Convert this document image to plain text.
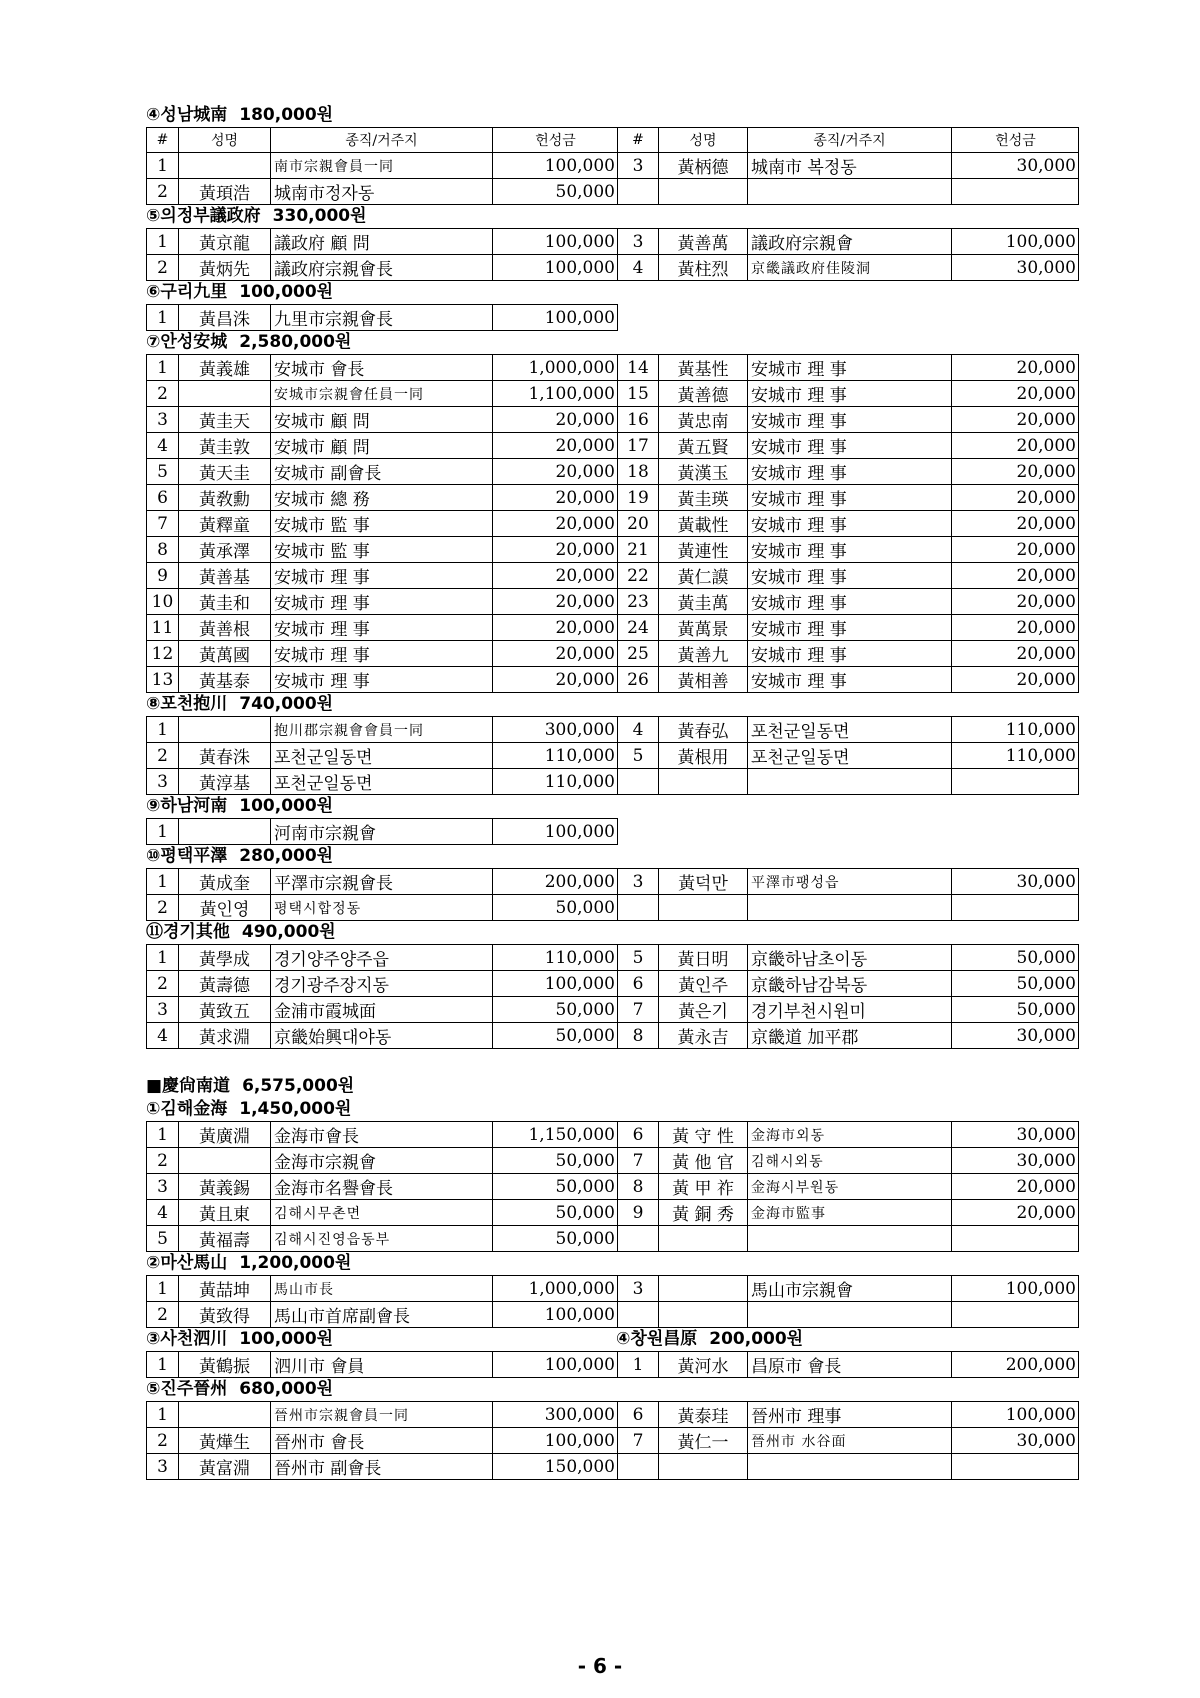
④성남城南 180,000원
#	성명	종직/거주지	헌성금	#	성명	종직/거주지	헌성금
1		南市宗親會員一同	100,000	3	黃柄德	城南市 복정동	30,000
2	黃頊浩	城南市정자동	50,000				
⑤의정부議政府 330,000원
1	黃京龍	議政府 顧 問	100,000	3	黃善萬	議政府宗親會	100,000
2	黃炳先	議政府宗親會長	100,000	4	黃柱烈	京畿議政府佳陵洞	30,000
⑥구리九里 100,000원
1	黃昌洙	九里市宗親會長	100,000
⑦안성安城 2,580,000원
1	黃義雄	安城市 會長	1,000,000	14	黃基性	安城市 理 事	20,000
2		安城市宗親會任員一同	1,100,000	15	黃善德	安城市 理 事	20,000
3	黃圭天	安城市 顧 問	20,000	16	黃忠南	安城市 理 事	20,000
4	黃圭敦	安城市 顧 問	20,000	17	黃五賢	安城市 理 事	20,000
5	黃天圭	安城市 副會長	20,000	18	黃漢玉	安城市 理 事	20,000
6	黃敎勳	安城市 總 務	20,000	19	黃圭瑛	安城市 理 事	20,000
7	黃釋童	安城市 監 事	20,000	20	黃載性	安城市 理 事	20,000
8	黃承澤	安城市 監 事	20,000	21	黃連性	安城市 理 事	20,000
9	黃善基	安城市 理 事	20,000	22	黃仁謨	安城市 理 事	20,000
10	黃圭和	安城市 理 事	20,000	23	黃圭萬	安城市 理 事	20,000
11	黃善根	安城市 理 事	20,000	24	黃萬景	安城市 理 事	20,000
12	黃萬國	安城市 理 事	20,000	25	黃善九	安城市 理 事	20,000
13	黃基泰	安城市 理 事	20,000	26	黃相善	安城市 理 事	20,000
⑧포천抱川 740,000원
1		抱川郡宗親會會員一同	300,000	4	黃春弘	포천군일동면	110,000
2	黃春洙	포천군일동면	110,000	5	黃根用	포천군일동면	110,000
3	黃淳基	포천군일동면	110,000				
⑨하남河南 100,000원
1		河南市宗親會	100,000
⑩평택平澤 280,000원
1	黃成奎	平澤市宗親會長	200,000	3	黃덕만	平澤市팽성읍	30,000
2	黃인영	평택시합정동	50,000				
⑪경기其他 490,000원
1	黃學成	경기양주양주읍	110,000	5	黃日明	京畿하남초이동	50,000
2	黃壽德	경기광주장지동	100,000	6	黃인주	京畿하남감북동	50,000
3	黃致五	金浦市霞城面	50,000	7	黃은기	경기부천시원미	50,000
4	黃求淵	京畿始興대야동	50,000	8	黃永吉	京畿道 加平郡	30,000
■慶尙南道 6,575,000원
①김해金海 1,450,000원
1	黃廣淵	金海市會長	1,150,000	6	黃 守 性	金海市외동	30,000
2		金海市宗親會	50,000	7	黃 他 官	김해시외동	30,000
3	黃義錫	金海市名譽會長	50,000	8	黃 甲 祚	金海시부원동	20,000
4	黃且東	김해시무촌면	50,000	9	黃 銅 秀	金海市監事	20,000
5	黃福壽	김해시진영읍동부	50,000				
②마산馬山 1,200,000원
1	黃喆坤	馬山市長	1,000,000	3		馬山市宗親會	100,000
2	黃致得	馬山市首席副會長	100,000				
③사천泗川 100,000원	④창원昌原 200,000원
1	黃鶴振	泗川市 會員	100,000	1	黃河水	昌原市 會長	200,000
⑤진주晉州 680,000원
1		晉州市宗親會員一同	300,000	6	黃泰珪	晉州市 理事	100,000
2	黃燁生	晉州市 會長	100,000	7	黃仁一	晉州市 水谷面	30,000
3	黃富淵	晉州市 副會長	150,000				
- 6 -
